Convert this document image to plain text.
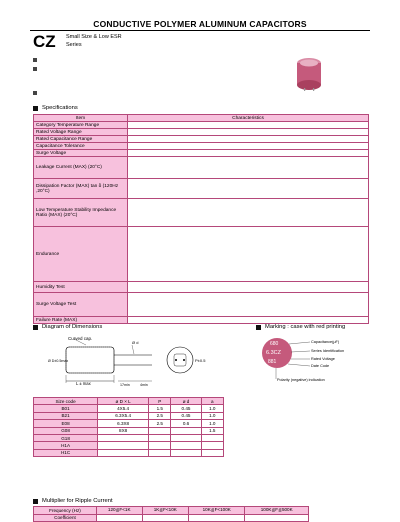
CONDUCTIVE POLYMER ALUMINUM CAPACITORS
CZ Small Size & Low ESR
Series
Specifications
Item	Characteristics
Category Temperature Range	
Rated Voltage Range	
Rated Capacitance Range	
Capacitance Tolerance	
Surge Voltage	
Leakage Current (MAX) (20°C)	
Dissipation Factor (MAX) tan δ (120Hz ,20°C)	
Low Temperature Stability Impedance Ratio (MAX) (20°C)	
Endurance	
Humidity Test	
Surge Voltage Test	
Failure Rate (MAX)	
Diagram of Dimensions	Marking : case with red printing
Curved cap.
Ø D±0.5max
L ± max
Ø d
17min	4min
P±0.5
680
6.3CZ
881
Capacitance(μF)
Series Identification
Rated Voltage
Date Code
Polarity (negative) indication
Size code	ø D × L	P	ø d	a
B01	4X5.4	1.5	0.45	1.0
B21	6.3X5.4	2.5	0.45	1.0
E08	6.3X8	2.5	0.6	1.0
G08	8X8			1.5
G18				
H1A				
H1C				
Multiplier for Ripple Current
Frequency (Hz)	120≦F<1K	1K≦F<10K	10K≦F<100K	100K≦F≦500K
Coefficient				
